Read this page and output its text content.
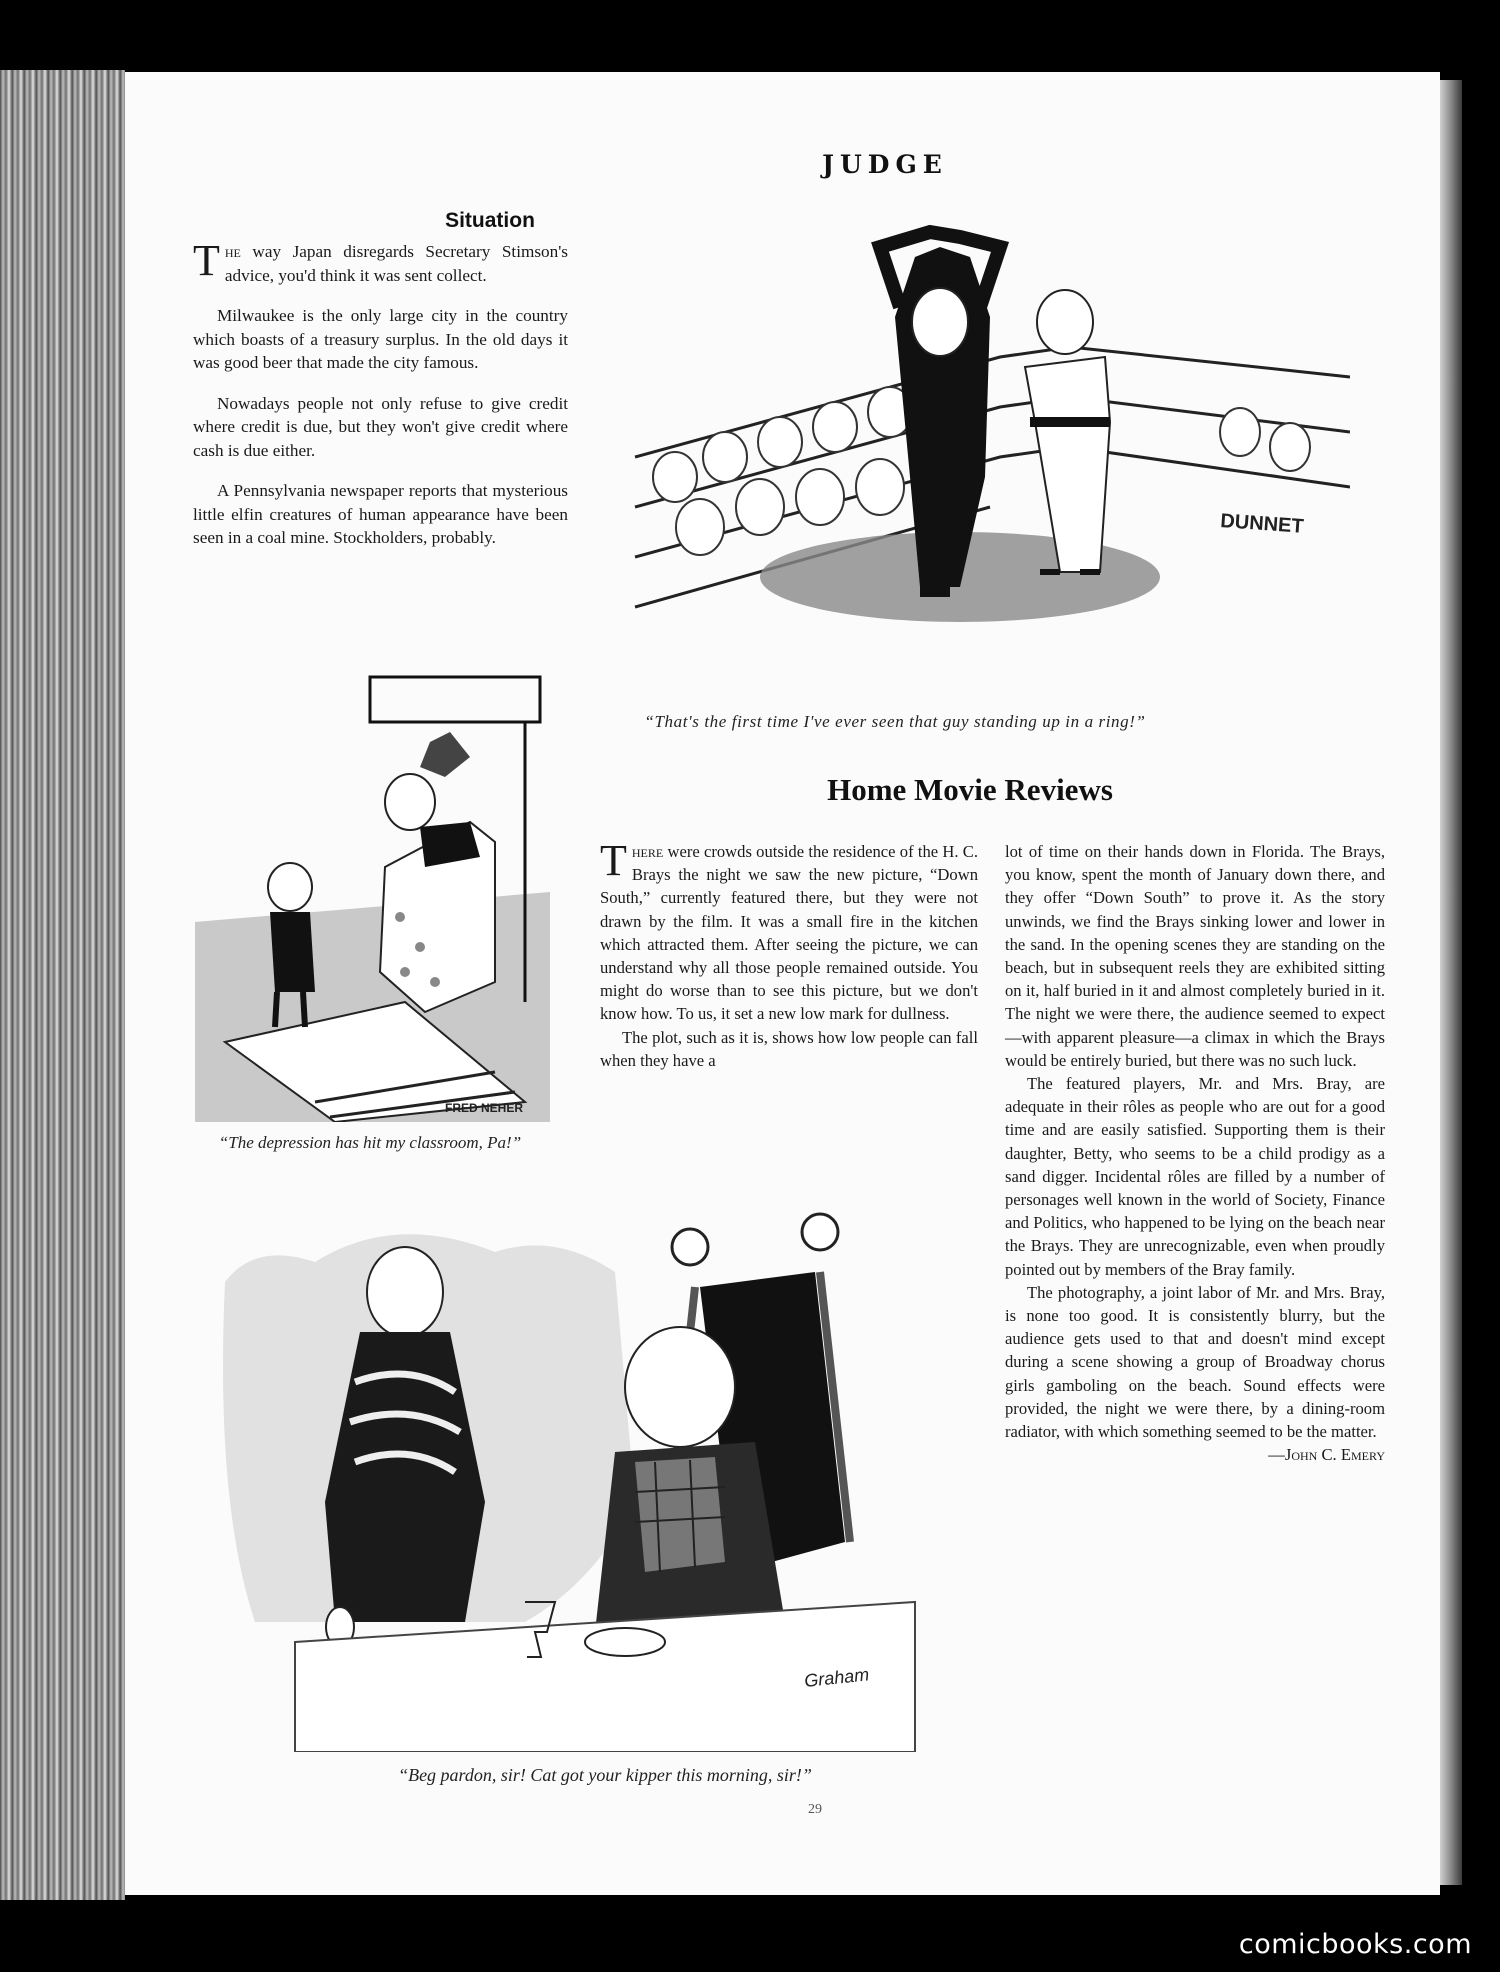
JUDGE
Situation

The way Japan disregards Secretary Stimson's advice, you'd think it was sent collect.

Milwaukee is the only large city in the country which boasts of a treasury surplus. In the old days it was good beer that made the city famous.

Nowadays people not only refuse to give credit where credit is due, but they won't give credit where cash is due either.

A Pennsylvania newspaper reports that mysterious little elfin creatures of human appearance have been seen in a coal mine. Stockholders, probably.	DUNNET
“That's the first time I've ever seen that guy standing up in a ring!”
FRED NEHER
“The depression has hit my classroom, Pa!”
Home Movie Reviews

There were crowds outside the residence of the H. C. Brays the night we saw the new picture, “Down South,” currently featured there, but they were not drawn by the film. It was a small fire in the kitchen which attracted them. After seeing the picture, we can understand why all those people remained outside. You might do worse than to see this picture, but we don't know how. To us, it set a new low mark for dullness.

The plot, such as it is, shows how low people can fall when they have a

lot of time on their hands down in Florida. The Brays, you know, spent the month of January down there, and they offer “Down South” to prove it. As the story unwinds, we find the Brays sinking lower and lower in the sand. In the opening scenes they are standing on the beach, but in subsequent reels they are exhibited sitting on it, half buried in it and almost completely buried in it. The night we were there, the audience seemed to expect—with apparent pleasure—a climax in which the Brays would be entirely buried, but there was no such luck.

The featured players, Mr. and Mrs. Bray, are adequate in their rôles as people who are out for a good time and are easily satisfied. Supporting them is their daughter, Betty, who seems to be a child prodigy as a sand digger. Incidental rôles are filled by a number of personages well known in the world of Society, Finance and Politics, who happened to be lying on the beach near the Brays. They are unrecognizable, even when proudly pointed out by members of the Bray family.

The photography, a joint labor of Mr. and Mrs. Bray, is none too good. It is consistently blurry, but the audience gets used to that and doesn't mind except during a scene showing a group of Broadway chorus girls gamboling on the beach. Sound effects were provided, the night we were there, by a dining-room radiator, with which something seemed to be the matter.
—John C. Emery

Graham
“Beg pardon, sir! Cat got your kipper this morning, sir!”
29
comicbooks.com
